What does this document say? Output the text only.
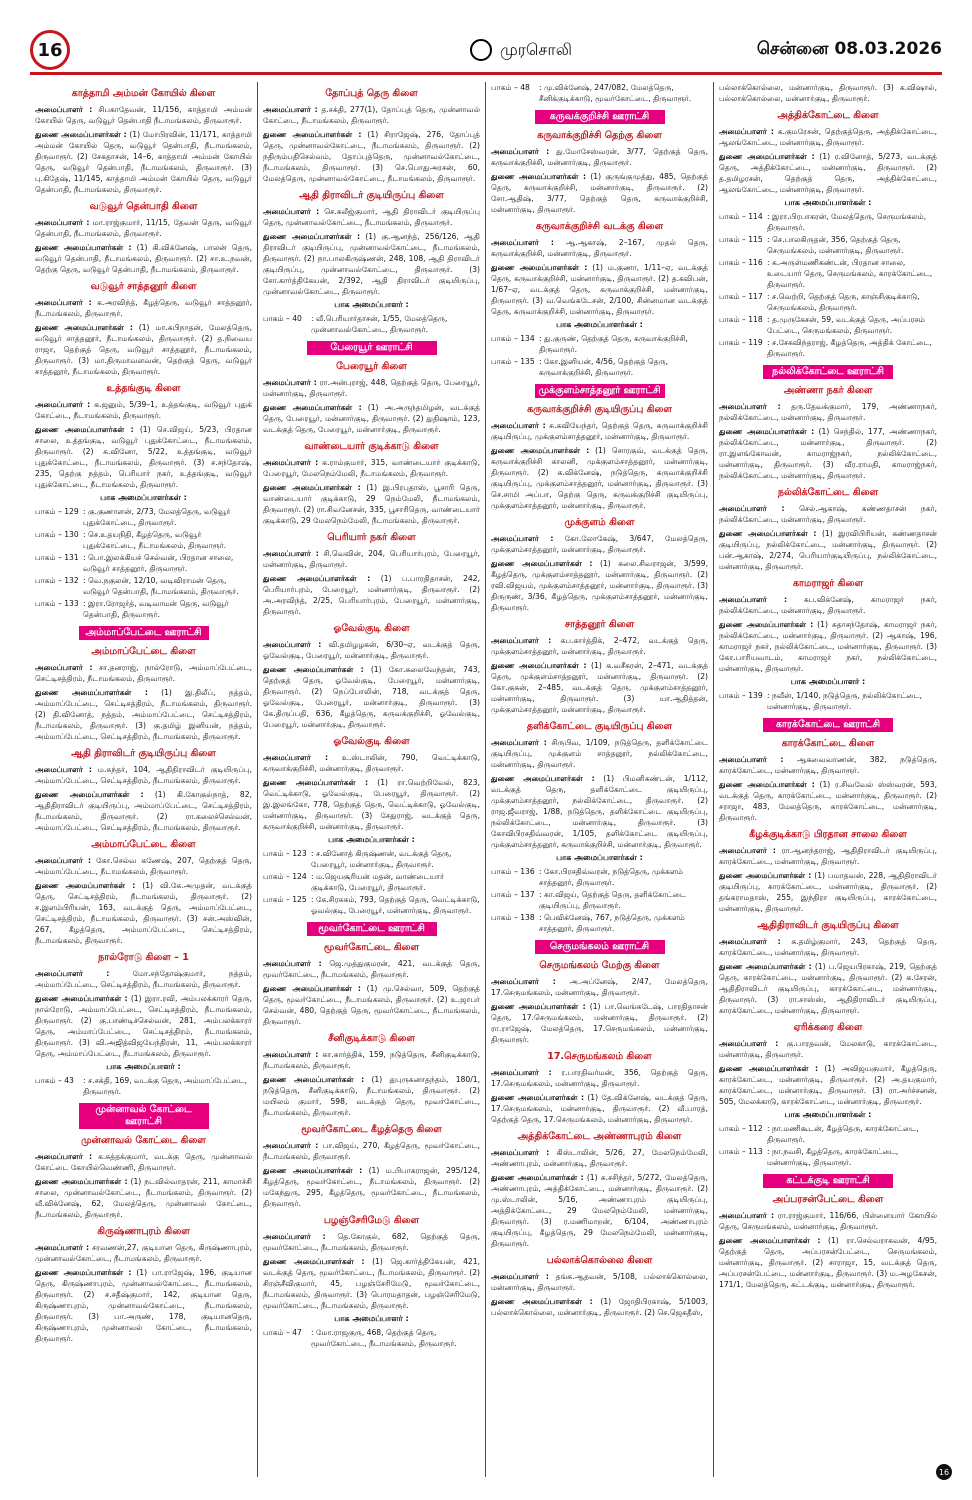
16	முரசொலி	சென்னை 08.03.2026
காத்தாமி அம்மன் கோயில் கிளை

அமைப்பாளர் : சிபகாதேவன், 11/156, காத்தாமி அம்மன் கோயில் தெரு, வடுவூர் தென்பாதி நீடாமங்கலம், திருவாரூர்.

துணை அமைப்பாளர்கள் : (1) மோபிரவின், 11/171, காத்தாமி அம்மன் கோயில் தெரு, வடுவூர் தென்பாதி, நீடாமங்கலம், திருவாரூர். (2) சேகதாசன், 14–6, காத்தாமி அம்மன் கோயில் தெரு, வடுவூர் தென்பாதி, நீடாமங்கலம், திருவாரூர். (3) பு.கிதேஷ், 11/145, காத்தாமி அம்மன் கோயில் தெரு, வடுவூர் தென்பாதி, நீடாமங்கலம், திருவாரூர்.

வடுவூர் தென்பாதி கிளை

அமைப்பாளர் : மா.ராஜ்குமார், 11/15, தேவன் தெரு, வடுவூர் தென்பாதி, நீடாமங்கலம், திருவாரூர்.

துணை அமைப்பாளர்கள் : (1) கி.விக்னேஷ், பாலன் தெரு, வடுவூர் தென்பாதி, நீடாமங்கலம், திருவாரூர். (2) சா.உ.நவன், தெற்கு தெரு, வடுவூர் தென்பாதி, நீடாமங்கலம், திருவாரூர்.

வடுவூர் சாத்தனூர் கிளை

அமைப்பாளர் : க.அரவிந்த், கீழத்தெரு, வடுவூர் சாத்தனூர், நீடாமங்கலம், திருவாரூர்.

துணை அமைப்பாளர்கள் : (1) மா.சுபிநாதன், மேலத்தெரு, வடுவூர் சாத்தனூர், நீடாமங்கலம், திருவாரூர். (2) த.நிவைய ராஜா, தெற்குத் தெரு, வடுவூர் சாத்தனூர், நீடாமங்கலம், திருவாரூர். (3) மா.திருமாவளவன், தெற்குத் தெரு, வடுவூர் சாத்தனூர், நீடாமங்கலம், திருவாரூர்.

உத்தங்குடி கிளை

அமைப்பாளர் : க.ஜனும், 5/39–1, உத்தங்குடி, வடுவூர் புதுக் கோட்டை, நீடாமங்கலம், திருவாரூர்.

துணை அமைப்பாளர்கள் : (1) செ.விஜய், 5/23, பிரதான சாலை, உத்தங்குடி, வடுவூர் புதுக்கோட்டை, நீடாமங்கலம், திருவாரூர். (2) க.வினோ, 5/22, உத்தங்குடி, வடுவூர் புதுக்கோட்டை, நீடாமங்கலம், திருவாரூர். (3) ச.சந்தோஷ், 235, தெற்கு நத்தம், பெரியார் நகர், உத்தங்குடி, வடுவூர் புதுக்கோட்டை, நீடாமங்கலம், திருவாரூர்.

பாக அமைப்பாளர்கள் :
பாகம் – 129 : கு.குணாளன், 2/73, மேலத்தெரு, வடுவூர் புதுக்கோட்டை, திருவாரூர்.
பாகம் – 130 : செ.உதயநிதி, கீழத்தெரு, வடுவூர் புதுக்கோட்டை, நீடாமங்கலம், திருவாரூர்.
பாகம் – 131 : பொ.இலக்கியச் செல்வன், பிரதான சாலை, வடுவூர் சாத்தனூர், திருவாரூர்.
பாகம் – 132 : வெ.நகுலன், 12/10, வடிவிராமன் தெரு, வடுவூர் தென்பாதி, நீடாமங்கலம், திருவாரூர்.
பாகம் – 133 : இரா.ரோஜர்த், வடிவாமன் தெரு, வடுவூர் தென்பாதி, திருவாரூர்.
அம்மாப்பேட்டை ஊராட்சி
அம்மாப்பேட்டை கிளை

அமைப்பாளர் : சா.தனராஜ், நால்ரோடு, அம்மாப்பேட்டை, செட்டிசத்திரம், நீடாமங்கலம், திருவாரூர்.

துணை அமைப்பாளர்கள் : (1) இ.திலீப், நத்தம், அம்மாப்பேட்டை, செட்டிசத்திரம், நீடாமங்கலம், திருவாரூர். (2) தி.வினோத், நத்தம், அம்மாப்பேட்டை, செட்டிசத்திரம், நீடாமங்கலம், திருவாரூர். (3) கு.தமிழ் இனியன், நத்தம், அம்மாப்பேட்டை, செட்டிசத்திரம், நீடாமங்கலம், திருவாரூர்.

ஆதி திராவிடர் குடியிருப்பு கிளை

அமைப்பாளர் : ம.சுந்தர், 104, ஆதிதிராவிடர் குடியிருப்பு, அம்மாப்பேட்டை, செட்டிசத்திரம், நீடாமங்கலம், திருவாரூர்.

துணை அமைப்பாளர்கள் : (1) கி.கோகுல்நாத், 82, ஆதிதிராவிடர் குடியிருப்பு, அம்மாப்பேட்டை, செட்டிசத்திரம், நீடாமங்கலம், திருவாரூர். (2) ரா.கலைச்செல்வன், அம்மாப்பேட்டை, செட்டிசத்திரம், நீடாமங்கலம், திருவாரூர்.

அம்மாப்பேட்டை கிளை

அமைப்பாளர் : கோ.செல்வ கணேஷ், 207, தெற்குத் தெரு, அம்மாப்பேட்டை, நீடாமங்கலம், திருவாரூர்.

துணை அமைப்பாளர்கள் : (1) வி.கே.அமுதன், வடக்குத் தெரு, செட்டிசத்திரம், நீடாமங்கலம், திருவாரூர். (2) ச.இளம்பிரியன், 163, வடக்குத் தெரு, அம்மாப்பேட்டை, செட்டிசத்திரம், நீடாமங்கலம், திருவாரூர். (3) சன்.அஸ்வின், 267, கீழத்தெரு, அம்மாப்பேட்டை, செட்டிசத்திரம், நீடாமங்கலம், திருவாரூர்.

நால்ரோடு கிளை – 1

அமைப்பாளர் :	மோ.சந்தோஷ்குமார், நத்தம், அம்மாப்பேட்டை, செட்டிசத்திரம், நீடாமங்கலம், திருவாரூர்.

துணை அமைப்பாளர்கள் : (1) இரா.ரவி, அம்பலக்காரர் தெரு, நால்ரோடு, அம்மாப்பேட்டை, செட்டிசத்திரம், நீடாமங்கலம், திருவாரூர். (2) கு.பாண்டிச்செல்வன், 281, அம்பலக்காரர் தெரு, அம்மாப்பேட்டை, செட்டிசத்திரம், நீடாமங்கலம், திருவாரூர். (3) வி.அஜித்விஜயேந்திரன், 11, அம்பலக்காரர் தெரு, அம்மாப்பேட்டை, நீடாமங்கலம், திருவாரூர்.

பாக அமைப்பாளர் :
பாகம் – 43	: ச.சக்தி, 169, வடக்கு தெரு, அம்மாப்பேட்டை, திருவாரூர்.
முன்னாவல் கோட்டை ஊராட்சி
முன்னாவல் கோட்டை கிளை

அமைப்பாளர் : க.சுத்தக்குமார், வடக்கு தெரு, முன்னாவல் கோட்டை கோயில்வெண்ணி, திருவாரூர்.

துணை அமைப்பாளர்கள் : (1) நடவில்வாதரன், 211, காமாச்சி சாலை, முன்னாவல்கோட்டை, நீடாமங்கலம், திருவாரூர். (2) வீ.விக்னேஷ், 62, மேலத்தெரு, முன்னாவல் கோட்டை, நீடாமங்கலம், திருவாரூர்.

கிருஷ்ணாபுரம் கிளை

அமைப்பாளர் : சரவணன்,27, குடியான தெரு, கிருஷ்ணாபுரம், முன்னாவல்கோட்டை, நீடாமங்கலம், திருவாரூர்.

துணை அமைப்பாளர்கள் : (1) பா.ராஜேஷ், 196, குடியான தெரு, கிருஷ்ணாபுரம், முன்னாவல்கோட்டை, நீடாமங்கலம், திருவாரூர். (2) ச.சதீஷ்குமார், 142, குடியான தெரு, கிருஷ்ணாபுரம், முன்னாவல்கோட்டை, நீடாமங்கலம், திருவாரூர். (3) பா.அருண், 178, குடியானதெரு, கிருஷ்ணாபுரம், முன்னாவல் கோட்டை, நீடாமங்கலம், திருவாரூர்.

தோப்புத் தெரு கிளை

அமைப்பாளர் : த.சக்தி, 277(1), தோப்புத் தெரு, முன்னாவல் கோட்டை, நீடாமங்கலம், திருவாரூர்.

துணை அமைப்பாளர்கள் : (1) சிராஜேஷ், 276, தோப்புத் தெரு, முன்னாவல்கோட்டை, நீடாமங்கலம், திருவாரூர். (2) நதிரும்பதிசெல்வம், தோப்புத்தெரு, முன்னாவல்கோட்டை, நீடாமங்கலம், திருவாரூர். (3) செ.பொதுஅரசன், 60, மேலத்தெரு, முன்னாவல்கோட்டை, நீடாமங்கலம், திருவாரூர்.

ஆதி திராவிடர் குடியிருப்பு கிளை

அமைப்பாளர் : செ.கலீஜ்குமார், ஆதி திராவிடர் குடியிருப்பு தெரு, முன்னாவல்கோட்டை, நீடாமங்கலம், திருவாரூர்.

துணை அமைப்பாளர்கள் : (1) கு.ஆனந்த், 256/126, ஆதி திராவிடர் குடியிருப்பு, முன்னாவல்கோட்டை, நீடாமங்கலம், திருவாரூர். (2) நா.பாலகிருஷ்ணன், 248, 108, ஆதி திராவிடர் குடியிருப்பு, முன்னாவல்கோட்டை, திருவாரூர். (3) சோ.கார்த்திகேயன், 2/392, ஆதி திராவிடர் குடியிருப்பு, முன்னாவல்கோட்டை, திருவாரூர்.

பாக அமைப்பாளர் :
பாகம் – 40	: வீ.பெரியார்தாசன், 1/55, மேலத்தெரு, முன்னாவல்கோட்டை, திருவாரூர்.
பேரையூர் ஊராட்சி
பேரையூர் கிளை

அமைப்பாளர் : ரா.அன்புராஜ், 448, தெற்குத் தெரு, பேரையூர், மன்னார்குடி, திருவாரூர்.

துணை அமைப்பாளர்கள் : (1) அ.அருந்தமிழன், வடக்குத் தெரு, பேரையூர், மன்னார்குடி, திருவாரூர். (2) துதிஷாம், 123, வடக்குத் தெரு, பேரையூர், மன்னார்குடி, திருவாரூர்.

வாண்டையார் குடிக்காடு கிளை

அமைப்பாளர் : க.ராம்குமார், 315, வாண்டையார் குடிக்காடு, பேரையூர், மேலநெம்மேலி, நீடாமங்கலம், திருவாரூர்.

துணை அமைப்பாளர்கள் : (1) இ.பிரபுதாஸ், பூசாரி தெரு, வாண்டையார் குடிக்காடு, 29 நெம்மேலி, நீடாமங்கலம், திருவாரூர். (2) ரா.சிவனேசன், 335, பூசாரிதெரு, வாண்டையார் குடிக்காடு, 29 மேலநெம்மேலி, நீடாமங்கலம், திருவாரூர்.

பெரியார் நகர் கிளை

அமைப்பாளர் : சி.வெவின், 204, பெரியார்புரம், பேரையூர், மன்னார்குடி, திருவாரூர்.

துணை அமைப்பாளர்கள் : (1) ப.பாரதிதாசன், 242, பெரியார்புரம், பேரையூர், மன்னார்குடி, திருவாரூர். (2) அ.அரவிந்த், 2/25, பெரியார்புரம், பேரையூர், மன்னார்குடி, திருவாரூர்.

ஓவேல்குடி கிளை

அமைப்பாளர் : வி.தமிழழகன், 6/30–ஏ, வடக்குத் தெரு, ஓவேல்குடி, பேரையூர், மன்னார்குடி, திருவாரூர்.

துணை அமைப்பாளர்கள் : (1) கோ.கலைவேந்தன், 743, தெற்குத் தெரு, ஓவேல்குடி, பேரையூர், மன்னார்குடி, திருவாரூர். (2) நெப்போலின், 718, வடக்குத் தெரு, ஓவேல்குடி, பேரையூர், மன்னார்குடி, திருவாரூர். (3) கே.திருப்பதி, 636, கீழத்தெரு, கருவக்குறிச்சி, ஓவேல்குடி, பேரையூர், மன்னார்குடி, திருவாரூர்.

ஓவேல்குடி கிளை

அமைப்பாளர் : உ.ஸ்டாலின், 790, வெட்டிக்காடு, கருவாக்குறிச்சி, மன்னார்குடி, திருவாரூர்.

துணை அமைப்பாளர்கள் : (1) ரா.வெற்றிவேல், 823, வெட்டிக்காடு, ஓவேல்குடி, பேரையூர், திருவாரூர். (2) இ.இலங்கோ, 778, தெற்குத் தெரு, வெட்டிக்காடு, ஓவேல்குடி, மன்னார்குடி, திருவாரூர். (3) சேதுராஜ், வடக்குத் தெரு, கருவாக்குறிச்சி, மன்னார்குடி, திருவாரூர்.

பாக அமைப்பாளர்கள் :
பாகம் – 123 : ச.வினோத் கிருஷ்ணன், வடக்குத் தெரு, பேரையூர், மன்னார்குடி, திருவாரூர்.
பாகம் – 124 : ம.ஜெயசூரியன் மதன், வாண்டையார் குடிக்காடு, பேரையூர், திருவாரூர்.
பாகம் – 125 : கே.சிரசுகம், 793, தெற்குத் தெரு, வெட்டிக்காடு, ஓவல்குடி, பேரையூர், மன்னார்குடி, திருவாரூர்.
மூவர்கோட்டை ஊராட்சி
மூவர்கோட்டை கிளை

அமைப்பாளர் : ஜெ.முத்துகுமரன், 421, வடக்குத் தெரு, மூவர்கோட்டை, நீடாமங்கலம், திருவாரூர்.

துணை அமைப்பாளர்கள் : (1) மு.செல்வா, 509, தெற்குத் தெரு, மூவர்கோட்டை, நீடாமங்கலம், திருவாரூர். (2) உ.ஜாபர் செல்வன், 480, தெற்குத் தெரு, மூவர்கோட்டை, நீடாமங்கலம், திருவாரூர்.

சீனிகுடிக்காடு கிளை

அமைப்பாளர் : கா.கார்த்திக், 159, நடுத்தெரு, சீனிகுடிக்காடு, நீடாமங்கலம், திருவாரூர்.

துணை அமைப்பாளர்கள் : (1) துபுருசுனாதந்தம், 180/1, நடுத்தெரு, சீனிகுடிக்காடு, நீடாமங்கலம், திருவாரூர். (2) மயிலம் குமார், 598, வடக்குத் தெரு, மூவர்கோட்டை, நீடாமங்கலம், திருவாரூர்.

மூவர்கோட்டை கீழத்தெரு கிளை

அமைப்பாளர் : பா.விஜய், 270, கீழத்தெரு, மூவர்கோட்டை, நீடாமங்கலம், திருவாரூர்.

துணை அமைப்பாளர்கள் : (1) ம.பிபாகராஜன், 295/124, கீழத்தெரு, மூவர்கோட்டை, நீடாமங்கலம், திருவாரூர். (2) மகேந்துரு, 295, கீழத்தெரு, மூவர்கோட்டை, நீடாமங்கலம், திருவாரூர்.

பழஞ்சேரிமேடு கிளை

அமைப்பாளர் : தெ.கோகுல், 682, தெற்குத் தெரு, மூவர்கோட்டை, நீடாமங்கலம், திருவாரூர்.

துணை அமைப்பாளர்கள் : (1) ஜெ.கார்த்திகேயன், 421, வடக்குத் தெரு, மூவர்கோட்டை, நீடாமங்கலம், திருவாரூர். (2) சிரஞ்சீவிகுமார், 45, பழஞ்சேரிமேடு, மூவர்கோட்டை, நீடாமங்கலம், திருவாரூர். (3) பொரமதாதன், பழஞ்சேரிமேடு, மூவர்கோட்டை, நீடாமங்கலம், திருவாரூர்.

பாக அமைப்பாளர் :
பாகம் – 47	: மோ.ராஜகுரு, 468, தெற்குத் தெரு, மூவர்கோட்டை, நீடாமங்கலம், திருவாரூர்.
பாகம் – 48	: மு.விக்னேஷ், 247/082, மேலத்தெரு, சீனிக்குடிக்காடு, மூவர்கோட்டை, திருவாரூர்.
கருவக்குறிச்சி ஊராட்சி
கருவாக்குறிச்சி தெற்கு கிளை

அமைப்பாளர் : து.மோசேஸ்வரன், 3/77, தெற்குத் தெரு, கருவாக்குறிச்சி, மன்னார்குடி, திருவாரூர்.

துணை அமைப்பாளர்கள் : (1) குருங்குமுத்து, 485, தெற்குத் தெரு, கருவாக்குறிச்சி, மன்னார்குடி, திருவாரூர். (2) சோ.ஆதிஷ், 3/77, தெற்குத் தெரு, கருவாக்குறிச்சி, மன்னார்குடி, திருவாரூர்.

கருவாக்குறிச்சி வடக்கு கிளை

அமைப்பாளர் : ஆ.ஆகாஷ், 2–167, முதல் தெரு, கருவாக்குறிச்சி, மன்னார்குடி, திருவாரூர்.

துணை அமைப்பாளர்கள் : (1) ம.குணா, 1/11–ஏ, வடக்குத் தெரு, கருவாக்குறிச்சி, மன்னார்குடி, திருவாரூர். (2) த.கவிபன், 1/67–ஏ, வடக்குத் தெரு, கருவாக்குறிச்சி, மன்னார்குடி, திருவாரூர். (3) வ.வெங்கடேசன், 2/100, சின்னமான வடக்குத் தெரு, கருவாக்குறிச்சி, மன்னார்குடி, திருவாரூர்.

பாக அமைப்பாளர்கள் :
பாகம் – 134 : து.குருண், தெற்குத் தெரு, கருவாக்குறிச்சி, திருவாரூர்.
பாகம் – 135 : கோ.இனியன், 4/56, தெற்குத் தெரு, கருவாக்குறிச்சி, திருவாரூர்.
முக்குளம்சாத்தனூர் ஊராட்சி
கருவாக்குறிச்சி குடியிருப்பு கிளை

அமைப்பாளர் : சு.கவியேந்தர், தெற்குத் தெரு, கருவாக்குறிச்சி குடியிருப்பு, முக்குளம்சாத்தனூர், மன்னார்குடி, திருவாரூர்.

துணை அமைப்பாளர்கள் : (1) சொரகுவ், வடக்குத் தெரு, கருவாக்குறிச்சி காலனி, முக்குளம்சாத்தனூர், மன்னார்குடி, திருவாரூர். (2) க.விக்னேஷ், நடுத்தெரு, கருவாக்குறிச்சி குடியிருப்பு, முக்குளம்சாத்தனூர், மன்னார்குடி, திருவாரூர். (3) செ.சாமி அப்பா, தெற்கு தெரு, கருவக்குறிச்சி குடியிருப்பு, முக்குளம்சாத்தனூர், மன்னார்குடி, திருவாரூர்.

முக்குளம் கிளை

அமைப்பாளர் : கோ.லோகேஷ், 3/647, மேலத்தெரு, முக்குளம்சாத்தனூர், மன்னார்குடி, திருவாரூர்.

துணை அமைப்பாளர்கள் : (1) கலை.சிவராஜன், 3/599, கீழத்தெரு, முக்குளம்சாத்தனூர், மன்னார்குடி, திருவாரூர். (2) ரவி.விஜயம், முக்குளம்சாத்தனூர், மன்னார்குடி, திருவாரூர். (3) திருருண், 3/36, கீழத்தெரு, முக்குளம்சாத்தனூர், மன்னார்குடி, திருவாரூர்.

சாத்தனூர் கிளை

அமைப்பாளர் : கப.கார்த்திக், 2–472, வடக்குத் தெரு, முக்குளம்சாத்தனூர், மன்னார்குடி, திருவாரூர்.

துணை அமைப்பாளர்கள் : (1) க.வசீகரன், 2–471, வடக்குத் தெரு, முக்குளம்சாத்தனூர், மன்னார்குடி, திருவாரூர். (2) கோ.குகன், 2–485, வடக்குத் தெரு, முக்குளம்சாத்தனூர், மன்னார்குடி, திருவாரூர். (3) யா.ஆதித்தன், முக்குளம்சாத்தனூர், மன்னார்குடி, திருவாரூர்.

தளிக்கோட்டை குடியிருப்பு கிளை

அமைப்பாளர் : சிருபிவ, 1/109, நடுத்தெரு, தளிக்கோட்டை குடியிருப்பு, முக்குளம் சாத்தனூர், நல்லிக்கோட்டை, மன்னார்குடி, திருவாரூர்.

துணை அமைப்பாளர்கள் : (1) பிமனிகண்டன், 1/112, வடக்குத் தெரு, தளிக்கோட்டை குடியிருப்பு, முக்குளம்சாத்தனூர், நல்லிக்கோட்டை, திருவாரூர். (2) ராஜ.ஜீவராஜ், 1/88, நடுத்தெரு, தளிக்கோட்டை குடியிருப்பு, நல்லிக்கோட்டை, மன்னார்குடி, திருவாரூர். (3) கோவிபிரசதிவ்வரன், 1/105, தளிக்கோட்டை குடியிருப்பு, முக்குளம்சாத்தனூர், கருவாக்குறிச்சி, மன்னார்குடி, திருவாரூர்.

பாக அமைப்பாளர்கள் :
பாகம் – 136 : கோ.பிரசதிவ்வரன், நடுத்தெரு, முக்களம் சாத்தனூர், திருவாரூர்.
பாகம் – 137 : கா.விஜய், தெற்குத் தெரு, தளிக்கோட்டை குடியிருப்பு, திருவாரூர்.
பாகம் – 138 : பெவிக்னேஷ், 767, நடுத்தெரு, முக்களம் சாத்தனூர், திருவாரூர்.
செருமங்கலம் ஊராட்சி
செருமங்கலம் மேற்கு கிளை

அமைப்பாளர் : அ.அப்னேஷ், 2/47, மேலத்தெரு, 17.செருமங்கலம், மன்னார்குடி, திருவாரூர்.

துணை அமைப்பாளர்கள் : (1) பா.வெங்கடேஷ், பாரதிதாசன் தெரு, 17.செருமங்கலம், மன்னார்குடி, திருவாரூர். (2) ரா.ராஜேஷ், மேலத்தெரு, 17.செருமங்கலம், மன்னார்குடி, திருவாரூர்.

17.செருமங்கலம் கிளை

அமைப்பாளர் : ர.பாரதிவர்மன், 356, தெற்குத் தெரு, 17.செருமங்கலம், மன்னார்குடி, திருவாரூர்.

துணை அமைப்பாளர்கள் : (1) தே.விக்னேஷ், வடக்குத் தெரு, 17.செருமங்கலம், மன்னார்குடி, திருவாரூர். (2) வீ.பாரத், தெற்குத் தெரு, 17.செருமங்கலம், மன்னார்குடி, திருவாரூர்.

அத்திக்கோட்டை அண்ணாபுரம் கிளை

அமைப்பாளர் : கிஸ்டாலின், 5/26, 27, மேலநெம்மேலி, அண்ணாபுரம், மன்னார்குடி, திருவாரூர்.

துணை அமைப்பாளர்கள் : (1) சு.சசிந்தர், 5/272, மேலத்தெரு, அண்ணாபுரம், அத்திக்கோட்டை, மன்னார்குடி, திருவாரூர். (2) மு.ஸ்டாலின், 5/16, அண்ணாபுரம் குடியிருப்பு, அத்திக்கோட்டை, 29 மேலநெம்மேலி, மன்னார்குடி, திருவாரூர். (3) ர.மணிமாறன், 6/104, அண்ணாபுரம் குடியிருப்பு, கீழத்தெரு, 29 மேலநெம்மேலி, மன்னார்குடி, திருவாரூர்.

பல்லாக்கொல்லை கிளை

அமைப்பாளர் : தங்க.ஆதவன், 5/108, பல்லாக்கொல்லை, மன்னார்குடி, திருவாரூர்.

துணை அமைப்பாளர்கள் : (1) ஜோதிபிரகாஷ், 5/1003, பல்லாக்கொல்லை, மன்னார்குடி, திருவாரூர். (2) செ.ஜெகதீஸ்,

பல்லாக்கொல்லை, மன்னார்குடி, திருவாரூர். (3) க.விஷால், பல்லாக்கொல்லை, மன்னார்குடி, திருவாரூர்.

அத்திக்கோட்டை கிளை

அமைப்பாளர் : க.குமரேசன், தெற்குத்தெரு, அத்திக்கோட்டை, ஆலங்கோட்டை, மன்னார்குடி, திருவாரூர்.

துணை அமைப்பாளர்கள் : (1) ர.வினோத், 5/273, வடக்குத் தெரு, அத்திக்கோட்டை, மன்னார்குடி, திருவாரூர். (2) த.தமிழரசன், தெற்குத் தெரு, அத்திக்கோட்டை, ஆலங்கோட்டை, மன்னார்குடி, திருவாரூர்.

பாக அமைப்பாளர்கள் :
பாகம் – 114 : இரா.பிரபாகரன், மேலத்தெரு, செருமங்கலம், திருவாரூர்.
பாகம் – 115 : செ.பாலகிருதன், 356, தெற்குத் தெரு, செருமங்கலம், மன்னார்குடி, திருவாரூர்.
பாகம் – 116 : க.அருள்மணிகண்டன், பிரதான சாலை, உடையார் தெரு, செருமங்கலம், காரக்கோட்டை, திருவாரூர்.
பாகம் – 117 : ச.வெற்றி, தெற்குத் தெரு, காஞ்சிகுடிக்காடு, செருமங்கலம், திருவாரூர்.
பாகம் – 118 : த.முருகேசன், 59, வடக்குத் தெரு, அப்பரசம் பேட்டை, செருமங்கலம், திருவாரூர்.
பாகம் – 119 : ச.சேகவிந்தராஜ், கீழத்தெரு, அத்திக் கோட்டை, திருவாரூர்.
நல்லிக்கோட்டை ஊராட்சி
அண்ணா நகர் கிளை

அமைப்பாளர் : தரு.தேவக்குமார், 179, அண்ணாநகர், நல்லிக்கோட்டை, மன்னார்குடி, திருவாரூர்.

துணை அமைப்பாளர்கள் : (1) செந்தில், 177, அண்ணாநகர், நல்லிக்கோட்டை, மன்னார்குடி, திருவாரூர். (2) ரா.இளங்கோவன், காமராஜ்நகர், நல்லிக்கோட்டை, மன்னார்குடி, திருவாரூர். (3) வீர.ராமதி, காமராஜ்நகர், நல்லிக்கோட்டை, மன்னார்குடி, திருவாரூர்.

நல்லிக்கோட்டை கிளை

அமைப்பாளர் : செல்.ஆகாஷ், கண்ணதாசன் நகர், நல்லிக்கோட்டை, மன்னார்குடி, திருவாரூர்.

துணை அமைப்பாளர்கள் : (1) இரவிபிரியன், கண்ணதாசன் குடியிருப்பு, நல்லிக்கோட்டை, மன்னார்குடி, திருவாரூர். (2) பன்.ஆகாஷ், 2/274, பெரியார்குடியிருப்பு, நல்லிக்கோட்டை, மன்னார்குடி, திருவாரூர்.

காமராஜர் கிளை

அமைப்பாளர் : கப.விக்னேஷ், காமராஜர் நகர், நல்லிக்கோட்டை, மன்னார்குடி, திருவாரூர்.

துணை அமைப்பாளர்கள் : (1) சுதாசந்தோஷ், காமராஜர் நகர், நல்லிக்கோட்டை, மன்னார்குடி, திருவாரூர். (2) ஆகாஷ், 196, காமராஜர் நகர், நல்லிக்கோட்டை, மன்னார்குடி, திருவாரூர். (3) கோ.பாரியவாடம், காமராஜர் நகர், நல்லிக்கோட்டை, மன்னார்குடி, திருவாரூர்.

பாக அமைப்பாளர் :
பாகம் – 139 : நவீன், 1/140, நடுத்தெரு, நல்லிக்கோட்டை, மன்னார்குடி, திருவாரூர்.
காரக்கோட்டை ஊராட்சி
காரக்கோட்டை கிளை

அமைப்பாளர் : ஆகவைவாணன், 382, நடுத்தெரு, காரக்கோட்டை, மன்னார்குடி, திருவாரூர்.

துணை அமைப்பாளர்கள் : (1) ர.சிவவேல் ஸ்ஸ்வரன், 593, வடக்குத் தெரு, காரக்கோட்டை, மன்னார்குடி, திருவாரூர். (2) சராஜா, 483, மேலத்தெரு, காரக்கோட்டை, மன்னார்குடி, திருவாரூர்.

கீழக்குடிக்காடு பிரதான சாலை கிளை

அமைப்பாளர் : ரா.ஆனந்தராஜ், ஆதிதிராவிடர் குடியிருப்பு, காரக்கோட்டை, மன்னார்குடி, திருவாரூர்.

துணை அமைப்பாளர்கள் : (1) பமாதவன், 228, ஆதிதிராவிடர் குடியிருப்பு, காரக்கோட்டை, மன்னார்குடி, திருவாரூர். (2) தங்கராமதாஸ், 255, இந்திரா குடியிருப்பு, காரக்கோட்டை, மன்னார்குடி, திருவாரூர்.

ஆதிதிராவிடர் குடியிருப்பு கிளை

அமைப்பாளர் : க.தமிழ்குமார், 243, தெற்குத் தெரு, காரக்கோட்டை, மன்னார்குடி, திருவாரூர்.

துணை அமைப்பாளர்கள் : (1) ப.ஜெயபிரகாஷ், 219, தெற்குத் தெரு, காரக்கோட்டை, மன்னார்குடி, திருவாரூர். (2) க.சேரன், ஆதிதிராவிடர் குடியிருப்பு, காரக்கோட்டை, மன்னார்குடி, திருவாரூர். (3) ரா.சாஸ்ஸ், ஆதிதிராவிடர் குடியிருப்பு, காரக்கோட்டை, மன்னார்குடி, திருவாரூர்.

ஏரிக்கரை கிளை

அமைப்பாளர் : கு.பாரதவன், மேலகாடு, காரக்கோட்டை, மன்னார்குடி, திருவாரூர்.

துணை அமைப்பாளர்கள் : (1) அவிஜயகுமார், கீழத்தெரு, காரக்கோட்டை, மன்னார்குடி, திருவாரூர். (2) அ.தயகுமார், காரக்கோட்டை, மன்னார்குடி, திருவாரூர். (3) ரா.அர்ச்சனன், 505, மேலக்காடு, காரக்கோட்டை, மன்னார்குடி, திருவாரூர்.

பாக அமைப்பாளர்கள் :
பாகம் – 112 : நா.மணிகூடன், கீழத்தெரு, காரக்கோட்டை, திருவாரூர்.
பாகம் – 113 : நா.நவசி, கீழத்தெரு, காரக்கோட்டை, மன்னார்குடி, திருவாரூர்.
கட்டக்குடி ஊராட்சி
அப்பரசன்பேட்டை கிளை

அமைப்பாளர் : ரா.ராஜ்குமார், 116/66, பிள்ளையார் கோயில் தெரு, செருமங்கலம், மன்னார்குடி, திருவாரூர்.

துணை அமைப்பாளர்கள் : (1) ரா.செல்வராகவன், 4/95, தெற்குத் தெரு, அப்பரசன்பேட்டை, செருமங்கலம், மன்னார்குடி, திருவாரூர். (2) சாராஜா, 15, வடக்குத் தெரு, அப்பரசன்பேட்டை, மன்னார்குடி, திருவாரூர். (3) ம.அழகேசன், 171/1, மேலத்தெரு, கட்டக்குடி, மன்னார்குடி, திருவாரூர்.

16
